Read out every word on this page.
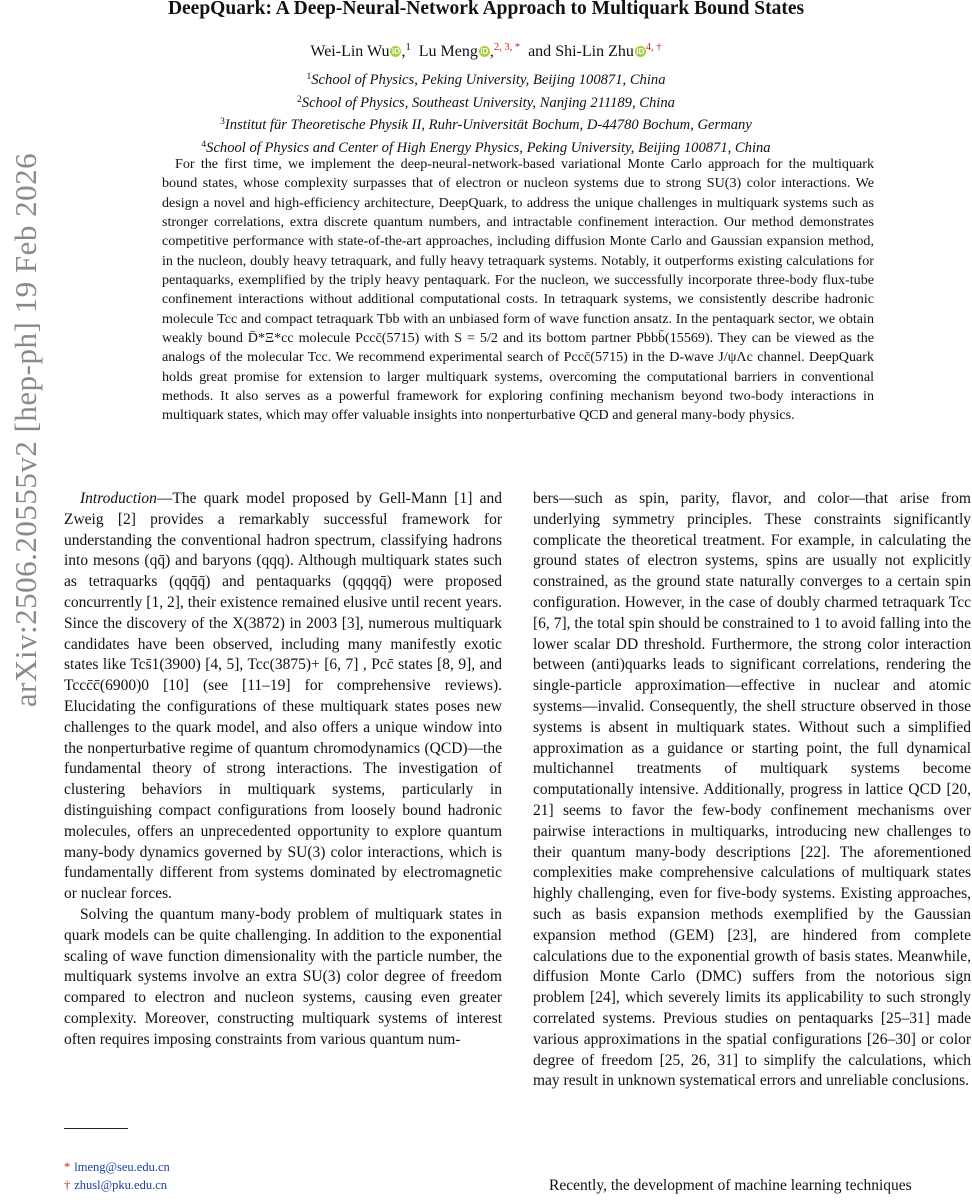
arXiv:2506.20555v2 [hep-ph] 19 Feb 2026
DeepQuark: A Deep-Neural-Network Approach to Multiquark Bound States
Wei-Lin Wu iD,$^1$ Lu Meng iD,$^{2, 3, *}$  and Shi-Lin Zhu iD $^{4, \dagger}$
$^1$School of Physics, Peking University, Beijing 100871, China
$^2$School of Physics, Southeast University, Nanjing 211189, China
$^3$Institut für Theoretische Physik II, Ruhr-Universität Bochum, D-44780 Bochum, Germany
$^4$School of Physics and Center of High Energy Physics, Peking University, Beijing 100871, China

For the first time, we implement the deep-neural-network-based variational Monte Carlo approach for the multiquark bound states, whose complexity surpasses that of electron or nucleon systems due to strong SU(3) color interactions. We design a novel and high-efficiency architecture, DeepQuark, to address the unique challenges in multiquark systems such as stronger correlations, extra discrete quantum numbers, and intractable confinement interaction. Our method demonstrates competitive performance with state-of-the-art approaches, including diffusion Monte Carlo and Gaussian expansion method, in the nucleon, doubly heavy tetraquark, and fully heavy tetraquark systems. Notably, it outperforms existing calculations for pentaquarks, exemplified by the triply heavy pentaquark. For the nucleon, we successfully incorporate three-body flux-tube confinement interactions without additional computational costs. In tetraquark systems, we consistently describe hadronic molecule Tcc and compact tetraquark Tbb with an unbiased form of wave function ansatz. In the pentaquark sector, we obtain weakly bound D̄*Ξ*cc molecule Pccc̄(5715) with S = 5/2 and its bottom partner Pbbb̄(15569). They can be viewed as the analogs of the molecular Tcc. We recommend experimental search of Pccc̄(5715) in the D-wave J/ψΛc channel. DeepQuark holds great promise for extension to larger multiquark systems, overcoming the computational barriers in conventional methods. It also serves as a powerful framework for exploring confining mechanism beyond two-body interactions in multiquark states, which may offer valuable insights into nonperturbative QCD and general many-body physics.

Introduction—The quark model proposed by Gell-Mann [1] and Zweig [2] provides a remarkably successful framework for understanding the conventional hadron spectrum, classifying hadrons into mesons (qq̄) and baryons (qqq). Although multiquark states such as tetraquarks (qqq̄q̄) and pentaquarks (qqqqq̄) were proposed concurrently [1, 2], their existence remained elusive until recent years. Since the discovery of the X(3872) in 2003 [3], numerous multiquark candidates have been observed, including many manifestly exotic states like Tcs̄1(3900) [4, 5], Tcc(3875)+ [6, 7] , Pcc̄ states [8, 9], and Tccc̄c̄(6900)0 [10] (see [11–19] for comprehensive reviews). Elucidating the configurations of these multiquark states poses new challenges to the quark model, and also offers a unique window into the nonperturbative regime of quantum chromodynamics (QCD)—the fundamental theory of strong interactions. The investigation of clustering behaviors in multiquark systems, particularly in distinguishing compact configurations from loosely bound hadronic molecules, offers an unprecedented opportunity to explore quantum many-body dynamics governed by SU(3) color interactions, which is fundamentally different from systems dominated by electromagnetic or nuclear forces.

Solving the quantum many-body problem of multiquark states in quark models can be quite challenging. In addition to the exponential scaling of wave function dimensionality with the particle number, the multiquark systems involve an extra SU(3) color degree of freedom compared to electron and nucleon systems, causing even greater complexity. Moreover, constructing multiquark systems of interest often requires imposing constraints from various quantum num-

bers—such as spin, parity, flavor, and color—that arise from underlying symmetry principles. These constraints significantly complicate the theoretical treatment. For example, in calculating the ground states of electron systems, spins are usually not explicitly constrained, as the ground state naturally converges to a certain spin configuration. However, in the case of doubly charmed tetraquark Tcc [6, 7], the total spin should be constrained to 1 to avoid falling into the lower scalar DD threshold. Furthermore, the strong color interaction between (anti)quarks leads to significant correlations, rendering the single-particle approximation—effective in nuclear and atomic systems—invalid. Consequently, the shell structure observed in those systems is absent in multiquark states. Without such a simplified approximation as a guidance or starting point, the full dynamical multichannel treatments of multiquark systems become computationally intensive. Additionally, progress in lattice QCD [20, 21] seems to favor the few-body confinement mechanisms over pairwise interactions in multiquarks, introducing new challenges to their quantum many-body descriptions [22]. The aforementioned complexities make comprehensive calculations of multiquark states highly challenging, even for five-body systems. Existing approaches, such as basis expansion methods exemplified by the Gaussian expansion method (GEM) [23], are hindered from complete calculations due to the exponential growth of basis states. Meanwhile, diffusion Monte Carlo (DMC) suffers from the notorious sign problem [24], which severely limits its applicability to such strongly correlated systems. Previous studies on pentaquarks [25–31] made various approximations in the spatial configurations [26–30] or color degree of freedom [25, 26, 31] to simplify the calculations, which may result in unknown systematical errors and unreliable conclusions.

Recently, the development of machine learning techniques
* lmeng@seu.edu.cn
† zhusl@pku.edu.cn
